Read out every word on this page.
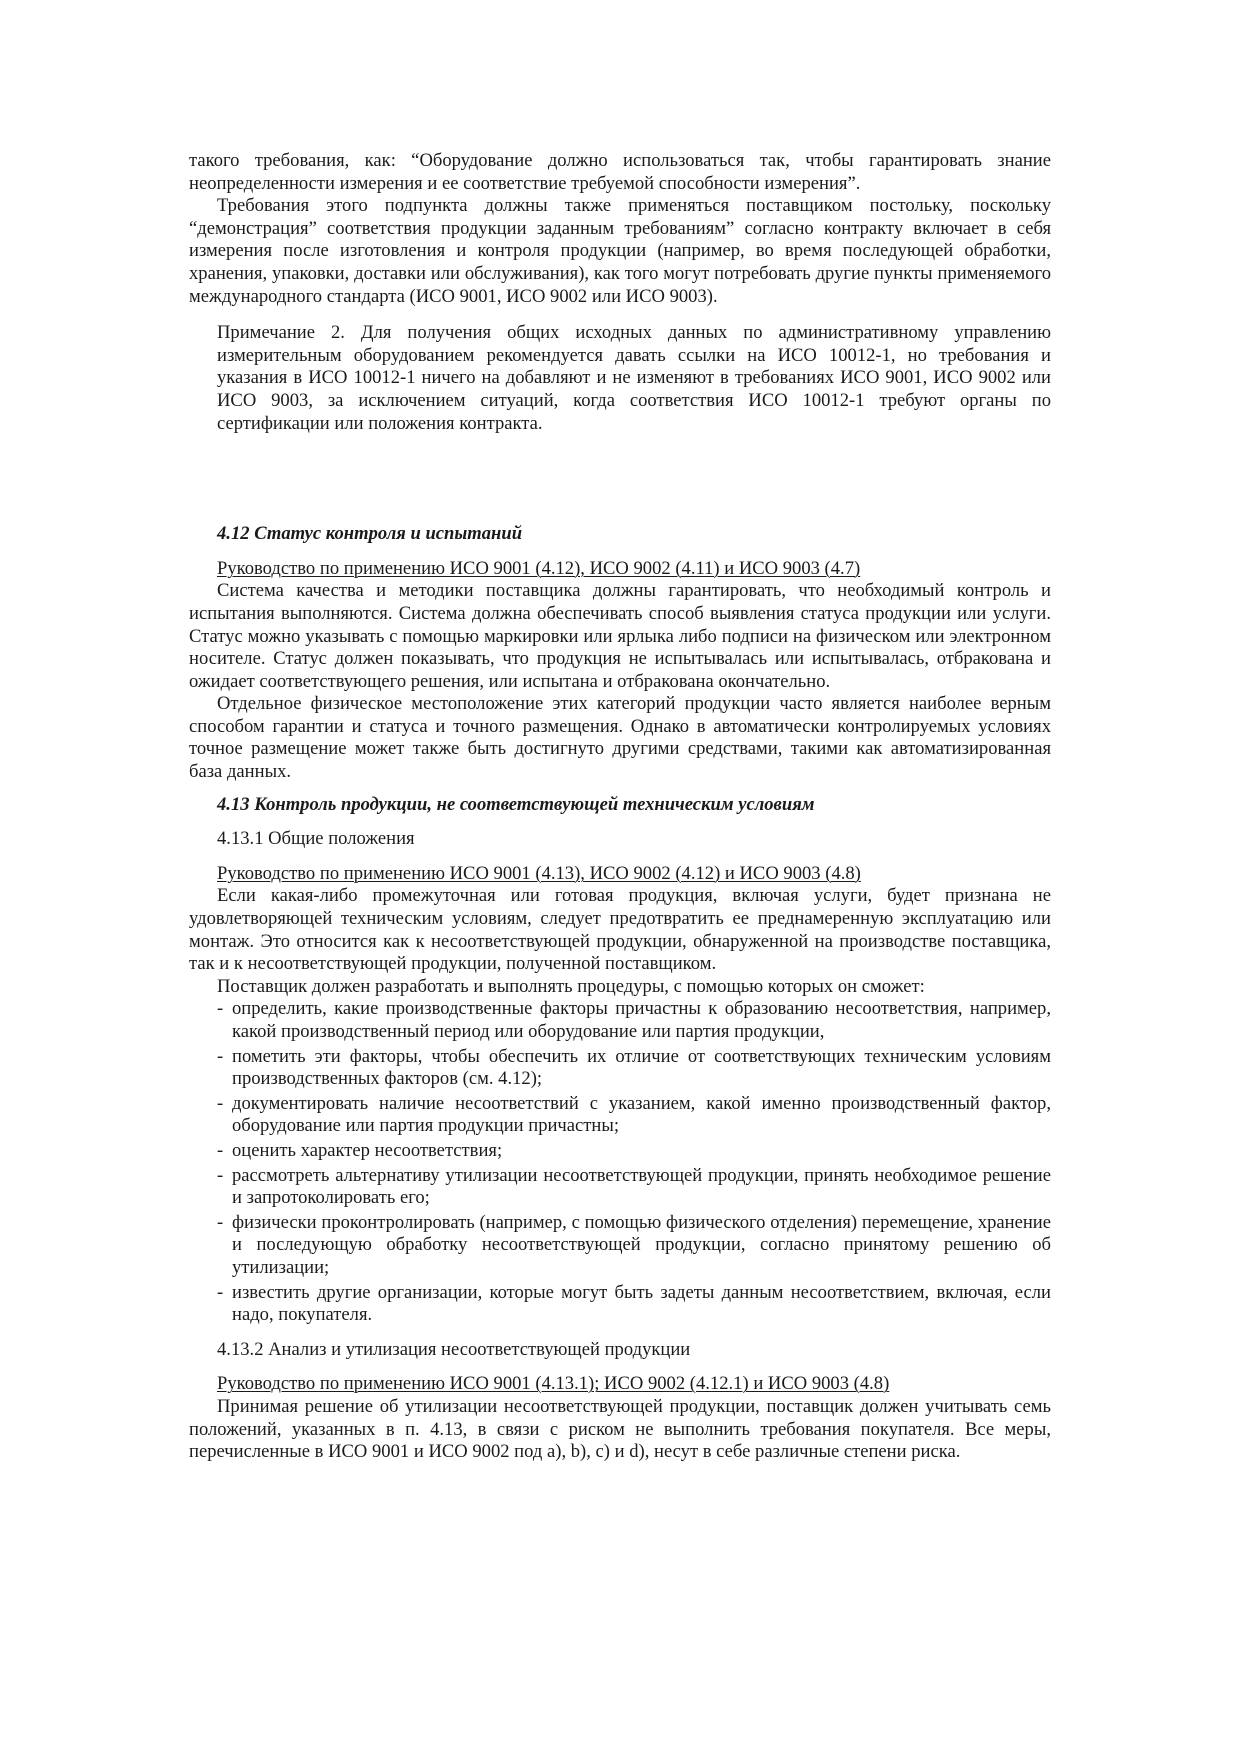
такого требования, как: “Оборудование должно использоваться так, чтобы гарантировать знание неопределенности измерения и ее соответствие требуемой способности измерения”.

Требования этого подпункта должны также применяться поставщиком постольку, поскольку “демонстрация” соответствия продукции заданным требованиям” согласно контракту включает в себя измерения после изготовления и контроля продукции (например, во время последующей обработки, хранения, упаковки, доставки или обслуживания), как того могут потребовать другие пункты применяемого международного стандарта (ИСО 9001, ИСО 9002 или ИСО 9003).

Примечание 2. Для получения общих исходных данных по административному управлению измерительным оборудованием рекомендуется давать ссылки на ИСО 10012-1, но требования и указания в ИСО 10012-1 ничего на добавляют и не изменяют в требованиях ИСО 9001, ИСО 9002 или ИСО 9003, за исключением ситуаций, когда соответствия ИСО 10012-1 требуют органы по сертификации или положения контракта.

4.12 Статус контроля и испытаний

Руководство по применению ИСО 9001 (4.12), ИСО 9002 (4.11) и ИСО 9003 (4.7)

Система качества и методики поставщика должны гарантировать, что необходимый контроль и испытания выполняются. Система должна обеспечивать способ выявления статуса продукции или услуги. Статус можно указывать с помощью маркировки или ярлыка либо подписи на физическом или электронном носителе. Статус должен показывать, что продукция не испытывалась или испытывалась, отбракована и ожидает соответствующего решения, или испытана и отбракована окончательно.

Отдельное физическое местоположение этих категорий продукции часто является наиболее верным способом гарантии и статуса и точного размещения. Однако в автоматически контролируемых условиях точное размещение может также быть достигнуто другими средствами, такими как автоматизированная база данных.

4.13 Контроль продукции, не соответствующей техническим условиям

4.13.1 Общие положения

Руководство по применению ИСО 9001 (4.13), ИСО 9002 (4.12) и ИСО 9003 (4.8)

Если какая-либо промежуточная или готовая продукция, включая услуги, будет признана не удовлетворяющей техническим условиям, следует предотвратить ее преднамеренную эксплуатацию или монтаж. Это относится как к несоответствующей продукции, обнаруженной на производстве поставщика, так и к несоответствующей продукции, полученной поставщиком.

Поставщик должен разработать и выполнять процедуры, с помощью которых он сможет:

- определить, какие производственные факторы причастны к образованию несоответствия, например, какой производственный период или оборудование или партия продукции,
- пометить эти факторы, чтобы обеспечить их отличие от соответствующих техническим условиям производственных факторов (см. 4.12);
- документировать наличие несоответствий с указанием, какой именно производственный фактор, оборудование или партия продукции причастны;
- оценить характер несоответствия;
- рассмотреть альтернативу утилизации несоответствующей продукции, принять необходимое решение и запротоколировать его;
- физически проконтролировать (например, с помощью физического отделения) перемещение, хранение и последующую обработку несоответствующей продукции, согласно принятому решению об утилизации;
- известить другие организации, которые могут быть задеты данным несоответствием, включая, если надо, покупателя.

4.13.2 Анализ и утилизация несоответствующей продукции

Руководство по применению ИСО 9001 (4.13.1); ИСО 9002 (4.12.1) и ИСО 9003 (4.8)

Принимая решение об утилизации несоответствующей продукции, поставщик должен учитывать семь положений, указанных в п. 4.13, в связи с риском не выполнить требования покупателя. Все меры, перечисленные в ИСО 9001 и ИСО 9002 под а), b), с) и d), несут в себе различные степени риска.
